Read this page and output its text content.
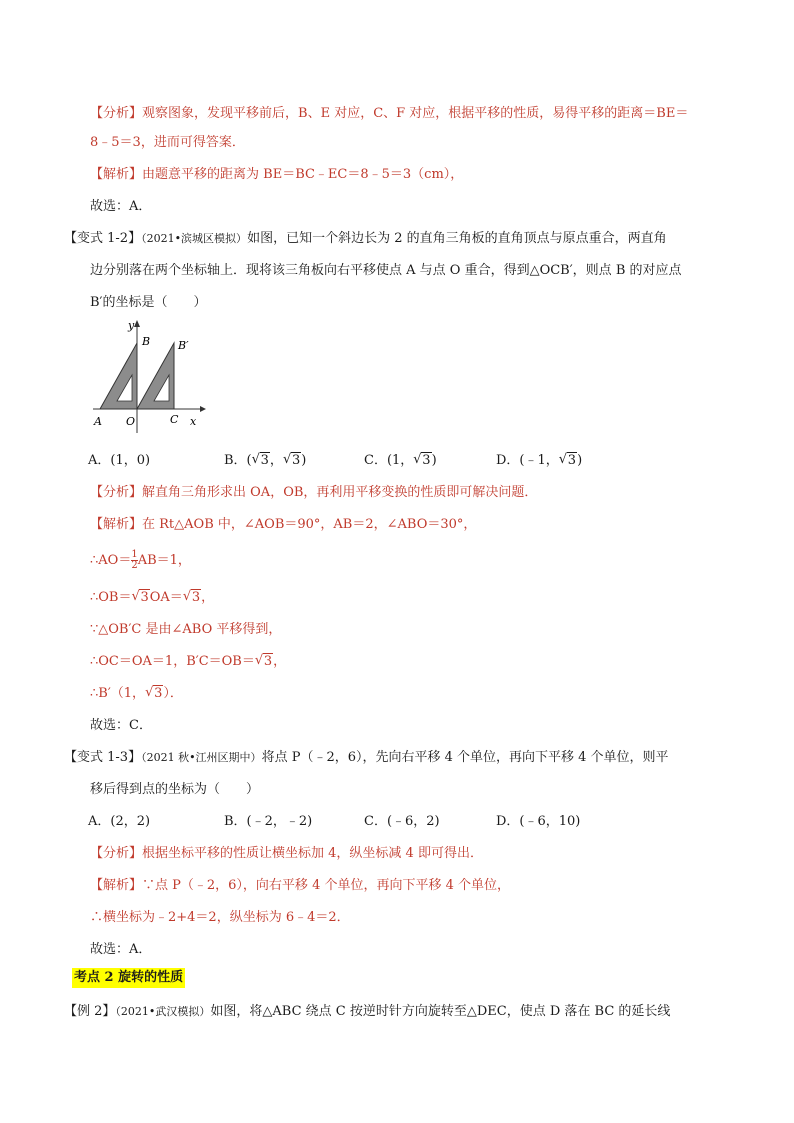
【分析】观察图象，发现平移前后，B、E 对应，C、F 对应，根据平移的性质，易得平移的距离＝BE＝
8﹣5＝3，进而可得答案．
【解析】由题意平移的距离为 BE＝BC﹣EC＝8﹣5＝3（cm），
故选：A．
【变式 1-2】（2021•滨城区模拟）如图，已知一个斜边长为 2 的直角三角板的直角顶点与原点重合，两直角
边分别落在两个坐标轴上．现将该三角板向右平移使点 A 与点 O 重合，得到△OCB′，则点 B 的对应点
B′的坐标是（　　）
y
B	B′
A O	C x
A．(1，0)	B．( √ 3， √ 3)	C．(1， √ 3)	D．(﹣1， √ 3)
【分析】解直角三角形求出 OA，OB，再利用平移变换的性质即可解决问题．
【解析】在 Rt△AOB 中，∠AOB＝90°，AB＝2，∠ABO＝30°，
∴AO＝ $\frac{1}{2} AB=1$，
∴OB＝ √ 3OA＝ √ 3，
∵△OB′C 是由∠ABO 平移得到，
∴OC＝OA＝1，B′C＝OB＝ √ 3，
∴B′（1， √ 3）．
故选：C．
【变式 1-3】（2021 秋•江州区期中）将点 P（﹣2，6），先向右平移 4 个单位，再向下平移 4 个单位，则平
移后得到点的坐标为（　　）
A．(2，2)	B．(﹣2，﹣2)	C．(﹣6，2)	D．(﹣6，10)
【分析】根据坐标平移的性质让横坐标加 4，纵坐标减 4 即可得出．
【解析】∵点 P（﹣2，6），向右平移 4 个单位，再向下平移 4 个单位，
∴横坐标为﹣2+4＝2，纵坐标为 6﹣4＝2．
故选：A．
考点 2 旋转的性质
【例 2】（2021•武汉模拟）如图，将△ABC 绕点 C 按逆时针方向旋转至△DEC，使点 D 落在 BC 的延长线
